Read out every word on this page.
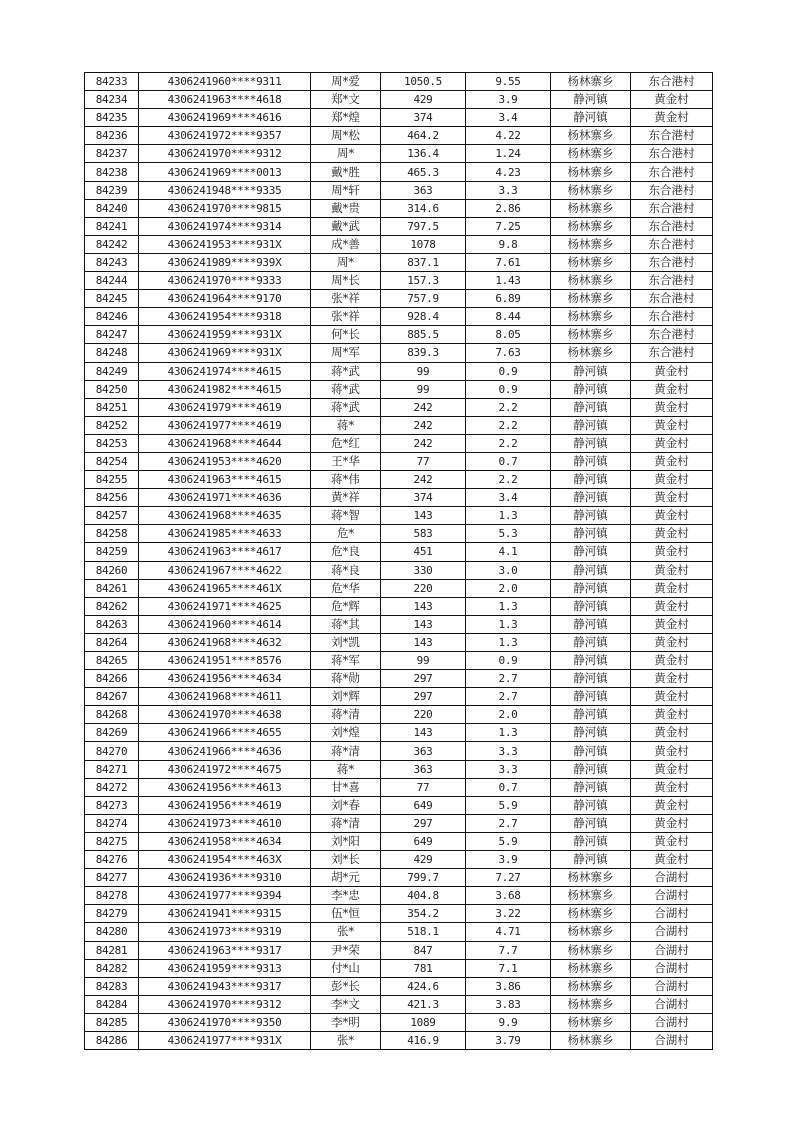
84233	4306241960****9311	周*爱	1050.5	9.55	杨林寨乡	东合港村
84234	4306241963****4618	郑*文	429	3.9	静河镇	黄金村
84235	4306241969****4616	郑*煌	374	3.4	静河镇	黄金村
84236	4306241972****9357	周*松	464.2	4.22	杨林寨乡	东合港村
84237	4306241970****9312	周*	136.4	1.24	杨林寨乡	东合港村
84238	4306241969****0013	戴*胜	465.3	4.23	杨林寨乡	东合港村
84239	4306241948****9335	周*轩	363	3.3	杨林寨乡	东合港村
84240	4306241970****9815	戴*贵	314.6	2.86	杨林寨乡	东合港村
84241	4306241974****9314	戴*武	797.5	7.25	杨林寨乡	东合港村
84242	4306241953****931X	成*善	1078	9.8	杨林寨乡	东合港村
84243	4306241989****939X	周*	837.1	7.61	杨林寨乡	东合港村
84244	4306241970****9333	周*长	157.3	1.43	杨林寨乡	东合港村
84245	4306241964****9170	张*祥	757.9	6.89	杨林寨乡	东合港村
84246	4306241954****9318	张*祥	928.4	8.44	杨林寨乡	东合港村
84247	4306241959****931X	何*长	885.5	8.05	杨林寨乡	东合港村
84248	4306241969****931X	周*军	839.3	7.63	杨林寨乡	东合港村
84249	4306241974****4615	蒋*武	99	0.9	静河镇	黄金村
84250	4306241982****4615	蒋*武	99	0.9	静河镇	黄金村
84251	4306241979****4619	蒋*武	242	2.2	静河镇	黄金村
84252	4306241977****4619	蒋*	242	2.2	静河镇	黄金村
84253	4306241968****4644	危*红	242	2.2	静河镇	黄金村
84254	4306241953****4620	王*华	77	0.7	静河镇	黄金村
84255	4306241963****4615	蒋*伟	242	2.2	静河镇	黄金村
84256	4306241971****4636	黄*祥	374	3.4	静河镇	黄金村
84257	4306241968****4635	蒋*智	143	1.3	静河镇	黄金村
84258	4306241985****4633	危*	583	5.3	静河镇	黄金村
84259	4306241963****4617	危*良	451	4.1	静河镇	黄金村
84260	4306241967****4622	蒋*良	330	3.0	静河镇	黄金村
84261	4306241965****461X	危*华	220	2.0	静河镇	黄金村
84262	4306241971****4625	危*辉	143	1.3	静河镇	黄金村
84263	4306241960****4614	蒋*其	143	1.3	静河镇	黄金村
84264	4306241968****4632	刘*凯	143	1.3	静河镇	黄金村
84265	4306241951****8576	蒋*军	99	0.9	静河镇	黄金村
84266	4306241956****4634	蒋*勋	297	2.7	静河镇	黄金村
84267	4306241968****4611	刘*辉	297	2.7	静河镇	黄金村
84268	4306241970****4638	蒋*清	220	2.0	静河镇	黄金村
84269	4306241966****4655	刘*煌	143	1.3	静河镇	黄金村
84270	4306241966****4636	蒋*清	363	3.3	静河镇	黄金村
84271	4306241972****4675	蒋*	363	3.3	静河镇	黄金村
84272	4306241956****4613	甘*喜	77	0.7	静河镇	黄金村
84273	4306241956****4619	刘*春	649	5.9	静河镇	黄金村
84274	4306241973****4610	蒋*清	297	2.7	静河镇	黄金村
84275	4306241958****4634	刘*阳	649	5.9	静河镇	黄金村
84276	4306241954****463X	刘*长	429	3.9	静河镇	黄金村
84277	4306241936****9310	胡*元	799.7	7.27	杨林寨乡	合湖村
84278	4306241977****9394	李*忠	404.8	3.68	杨林寨乡	合湖村
84279	4306241941****9315	伍*恒	354.2	3.22	杨林寨乡	合湖村
84280	4306241973****9319	张*	518.1	4.71	杨林寨乡	合湖村
84281	4306241963****9317	尹*荣	847	7.7	杨林寨乡	合湖村
84282	4306241959****9313	付*山	781	7.1	杨林寨乡	合湖村
84283	4306241943****9317	彭*长	424.6	3.86	杨林寨乡	合湖村
84284	4306241970****9312	李*文	421.3	3.83	杨林寨乡	合湖村
84285	4306241970****9350	李*明	1089	9.9	杨林寨乡	合湖村
84286	4306241977****931X	张*	416.9	3.79	杨林寨乡	合湖村
